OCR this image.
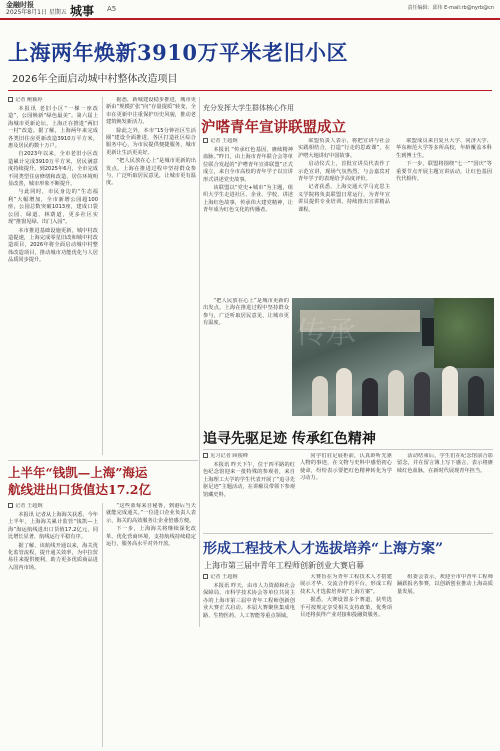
金融时报
2025年8月1日 星期五 城事 A5	责任编辑：邱伟 E-mail:rb@nyrb@cn
上海两年焕新3910万平米老旧小区
2026年全面启动城中村整体改造项目
记者 鲍颖婷

本报讯 老旧小区“一梯一座改造”，公园焕新“绿色最美”。第六届上海城市更新论坛，上海正在推进“两旧一村”改造。据了解，上海两年来完成各类旧住房更新改造3910万平方米，惠及居民约数十万户。

自2023年以来，全市老旧小区改造累计完成3910万平方米，居民满意度持续提升。到2025年6月，全市完成不同类型住房修缮和改造，居住环境明显改善，城市形象不断提升。

与此同时，市民身边的“生态福利”大幅增加，全市新增公园超100座，公园总数突破1013座，建成口袋公园、绿道、林荫道，更多社区实现“推窗见绿、出门入园”。

本市推进基础设施更新，城中村改造提速，上海完成零星旧改和城中村改造项目，2026年将全面启动城中村整体改造项目，推动城市功能优化与人居品质同步提升。

据悉，新城建设稳步推进，城市更新由“规模扩张”向“存量提质”转变，全市在更新中注重保护历史风貌，推动老建筑焕发新活力。

除此之外，本市“15分钟社区生活圈”建设全面推进，各区打造社区综合服务中心，为市民提供便捷服务，城市更新让生活更美好。

“把人民放在心上”是城市更新的出发点。上海在推进过程中坚持群众参与，广泛听取居民意见，让城市更有温度。

充分发挥大学生群体核心作用
沪嗒青年宣讲联盟成立
记者 王超婉

本报讯 “传承红色基因，赓续精神血脉。”昨日，由上海市青年联合会等单位联合发起的“沪嗒青年宣讲联盟”正式成立，来自全市高校的青年学子以宣讲形式讲述党史故事。

该联盟以“党史+城市”为主题，组织大学生走进社区、企业、学校，讲述上海红色故事，传承伟大建党精神，让青年成为红色文化的传播者。

联盟负责人表示，将把宣讲与社会实践相结合，打造“行走的思政课”，在沪嗒大地讲好中国故事。

启动仪式上，首批宣讲员代表作了示范宣讲，现场气氛热烈，与会嘉宾对青年学子的表现给予高度评价。

记者获悉，上海交通大学马克思主义学院将负责联盟日常运行，为青年宣讲员提供专业培训，持续推出宣讲精品课程。

联盟成员来自复旦大学、同济大学、华东师范大学等多所高校，年龄覆盖本科生到博士生。

下一步，联盟将围绕“七一”“国庆”等重要节点开展主题宣讲活动，让红色基因代代相传。

“把人民放在心上”是城市更新的出发点。上海在推进过程中坚持群众参与，广泛听取居民意见，让城市更有温度。	传承
追寻先驱足迹 传承红色精神
见习记者 顾俊峰

本报讯 昨天下午，位于四平路的红色纪念馆迎来一批特殊的参观者，来自上海理工大学的学生代表开展了“追寻先驱足迹”主题活动，在讲解员带领下参观馆藏史料。

同学们驻足展柜前，认真聆听先驱人物的事迹，在文物与史料中感悟初心使命，纷纷表示要把红色精神转化为学习动力。

活动结束后，学生们在纪念馆前合影留念，并在留言簿上写下感言，表示将赓续红色血脉，在新时代展现青年担当。

上半年“钱凯—上海”海运
航线进出口货值达17.2亿
记者 王超婉

本报讯 记者从上海海关获悉，今年上半年，上海海关累计监管“钱凯—上海”海运航线进出口货值17.2亿元，同比增长显著，航线运行平稳有序。

据了解，该航线开通以来，海关优化监管流程，提升通关效率，为中拉贸易往来提供便利，助力更多优质商品进入国内市场。

“这些蓝莓来自秘鲁，到港后当天就能完成通关。”一位进口企业负责人表示，海关的高效服务让企业倍感方便。

下一步，上海海关将继续深化改革，优化营商环境，支持航线持续稳定运行，服务高水平对外开放。	形成工程技术人才选拔培养“上海方案”
上海市第三届中青年工程师创新创业大赛启幕
记者 王超婉

本报讯 昨天，由市人力资源和社会保障局、市科学技术协会等单位共同主办的上海市第三届中青年工程师创新创业大赛正式启动。本届大赛聚焦集成电路、生物医药、人工智能等重点领域。

大赛旨在为青年工程技术人才搭建展示才华、交流合作的平台，形成工程技术人才选拔培养的“上海方案”。

据悉，大赛设置多个赛道，获奖选手可按规定享受相关支持政策，优秀项目还将获得产业对接和投融资服务。

组委会表示，欢迎全市中青年工程师踊跃报名参赛，以创新创业推动上海高质量发展。
